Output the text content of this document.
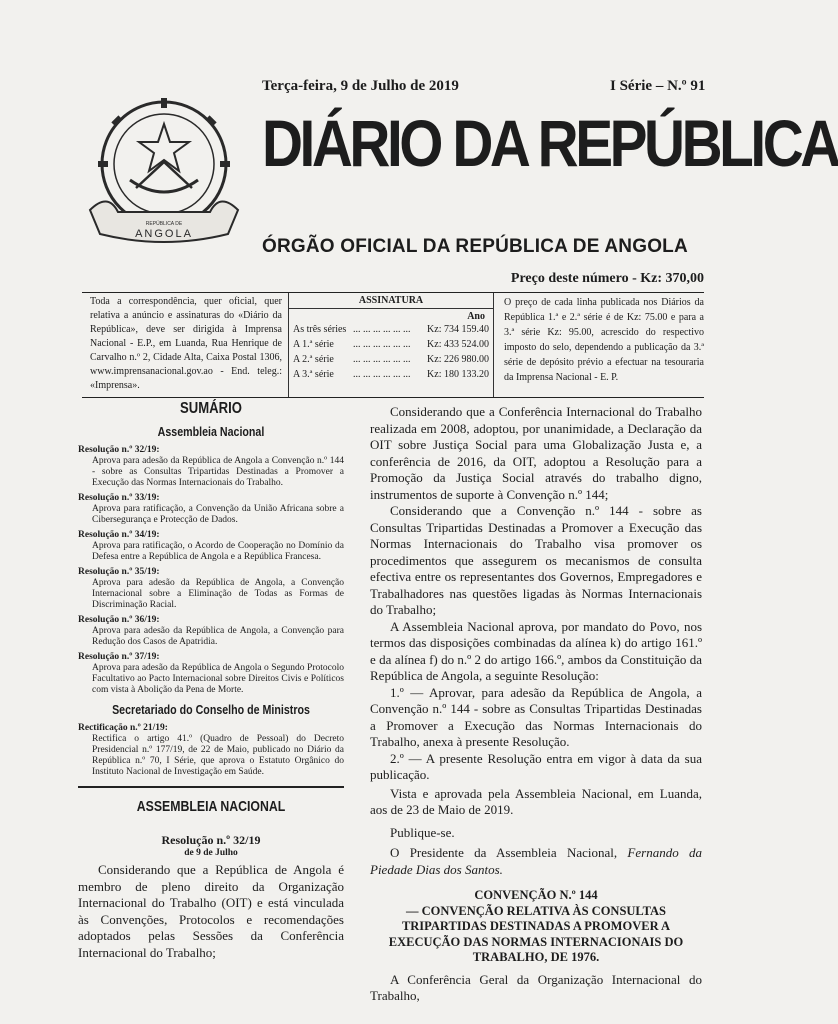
REPÚBLICA DE
ANGOLA
Terça-feira, 9 de Julho de 2019	I Série – N.º 91
DIÁRIO DA REPÚBLICA
ÓRGÃO OFICIAL DA REPÚBLICA DE ANGOLA
Preço deste número - Kz: 370,00
Toda a correspondência, quer oficial, quer relativa a anúncio e assinaturas do «Diário da República», deve ser dirigida à Imprensa Nacional - E.P., em Luanda, Rua Henrique de Carvalho n.º 2, Cidade Alta, Caixa Postal 1306, www.imprensanacional.gov.ao - End. teleg.: «Imprensa».
ASSINATURA
Ano
As três séries ... ... ... ... ... ...	Kz: 734 159.40
A 1.ª série	... ... ... ... ... ...	Kz: 433 524.00
A 2.ª série	... ... ... ... ... ...	Kz: 226 980.00
A 3.ª série	... ... ... ... ... ...	Kz: 180 133.20
O preço de cada linha publicada nos Diários da República 1.ª e 2.ª série é de Kz: 75.00 e para a 3.ª série Kz: 95.00, acrescido do respectivo imposto do selo, dependendo a publicação da 3.ª série de depósito prévio a efectuar na tesouraria da Imprensa Nacional - E. P.
SUMÁRIO
Assembleia Nacional
Resolução n.º 32/19:
Aprova para adesão da República de Angola a Convenção n.º 144 - sobre as Consultas Tripartidas Destinadas a Promover a Execução das Normas Internacionais do Trabalho.
Resolução n.º 33/19:
Aprova para ratificação, a Convenção da União Africana sobre a Cibersegurança e Protecção de Dados.
Resolução n.º 34/19:
Aprova para ratificação, o Acordo de Cooperação no Domínio da Defesa entre a República de Angola e a República Francesa.
Resolução n.º 35/19:
Aprova para adesão da República de Angola, a Convenção Internacional sobre a Eliminação de Todas as Formas de Discriminação Racial.
Resolução n.º 36/19:
Aprova para adesão da República de Angola, a Convenção para Redução dos Casos de Apatridia.
Resolução n.º 37/19:
Aprova para adesão da República de Angola o Segundo Protocolo Facultativo ao Pacto Internacional sobre Direitos Civis e Políticos com vista à Abolição da Pena de Morte.
Secretariado do Conselho de Ministros
Rectificação n.º 21/19:
Rectifica o artigo 41.º (Quadro de Pessoal) do Decreto Presidencial n.º 177/19, de 22 de Maio, publicado no Diário da República n.º 70, I Série, que aprova o Estatuto Orgânico do Instituto Nacional de Investigação em Saúde.
ASSEMBLEIA NACIONAL
Resolução n.º 32/19
de 9 de Julho

Considerando que a República de Angola é membro de pleno direito da Organização Internacional do Trabalho (OIT) e está vinculada às Convenções, Protocolos e recomendações adoptados pelas Sessões da Conferência Internacional do Trabalho;

Considerando que a Conferência Internacional do Trabalho realizada em 2008, adoptou, por unanimidade, a Declaração da OIT sobre Justiça Social para uma Globalização Justa e, a conferência de 2016, da OIT, adoptou a Resolução para a Promoção da Justiça Social através do trabalho digno, instrumentos de suporte à Convenção n.º 144;

Considerando que a Convenção n.º 144 - sobre as Consultas Tripartidas Destinadas a Promover a Execução das Normas Internacionais do Trabalho visa promover os procedimentos que assegurem os mecanismos de consulta efectiva entre os representantes dos Governos, Empregadores e Trabalhadores nas questões ligadas às Normas Internacionais do Trabalho;

A Assembleia Nacional aprova, por mandato do Povo, nos termos das disposições combinadas da alínea k) do artigo 161.º e da alínea f) do n.º 2 do artigo 166.º, ambos da Constituição da República de Angola, a seguinte Resolução:

1.º — Aprovar, para adesão da República de Angola, a Convenção n.º 144 - sobre as Consultas Tripartidas Destinadas a Promover a Execução das Normas Internacionais do Trabalho, anexa à presente Resolução.

2.º — A presente Resolução entra em vigor à data da sua publicação.

Vista e aprovada pela Assembleia Nacional, em Luanda, aos de 23 de Maio de 2019.

Publique-se.

O Presidente da Assembleia Nacional, Fernando da Piedade Dias dos Santos.

CONVENÇÃO N.º 144
— CONVENÇÃO RELATIVA ÀS CONSULTAS TRIPARTIDAS DESTINADAS A PROMOVER A EXECUÇÃO DAS NORMAS INTERNACIONAIS DO TRABALHO, DE 1976.

A Conferência Geral da Organização Internacional do Trabalho,
